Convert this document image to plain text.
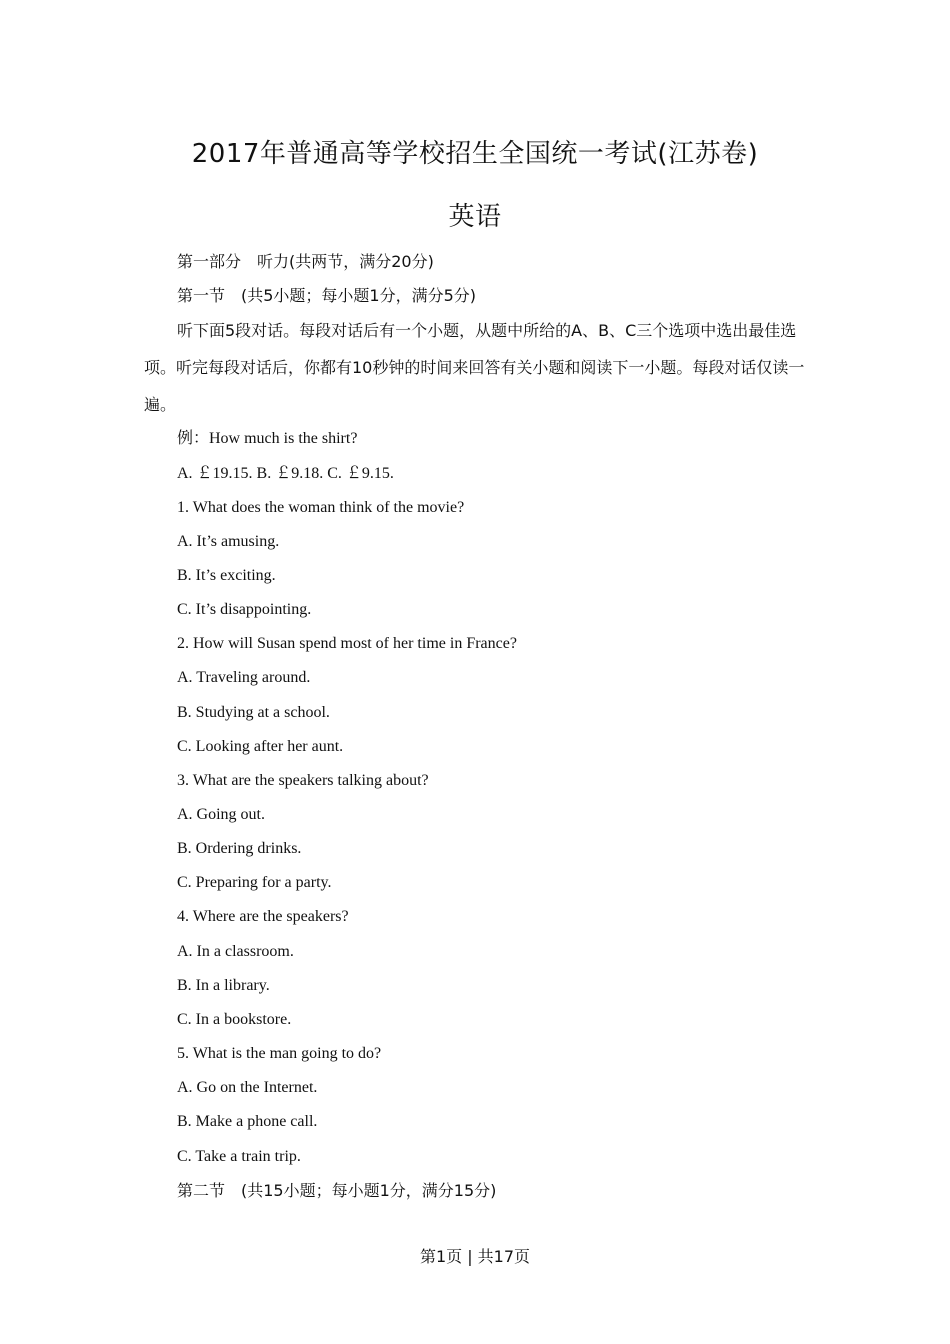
2017年普通高等学校招生全国统一考试(江苏卷)
英语
第一部分　听力(共两节，满分20分)
第一节　(共5小题；每小题1分，满分5分)
听下面5段对话。每段对话后有一个小题，从题中所给的A、B、C三个选项中选出最佳选项。听完每段对话后，你都有10秒钟的时间来回答有关小题和阅读下一小题。每段对话仅读一遍。
例：How much is the shirt?
A. ￡19.15. B. ￡9.18. C. ￡9.15.
1. What does the woman think of the movie?
A. It’s amusing.
B. It’s exciting.
C. It’s disappointing.
2. How will Susan spend most of her time in France?
A. Traveling around.
B. Studying at a school.
C. Looking after her aunt.
3. What are the speakers talking about?
A. Going out.
B. Ordering drinks.
C. Preparing for a party.
4. Where are the speakers?
A. In a classroom.
B. In a library.
C. In a bookstore.
5. What is the man going to do?
A. Go on the Internet.
B. Make a phone call.
C. Take a train trip.
第二节　(共15小题；每小题1分，满分15分)
第1页 | 共17页
